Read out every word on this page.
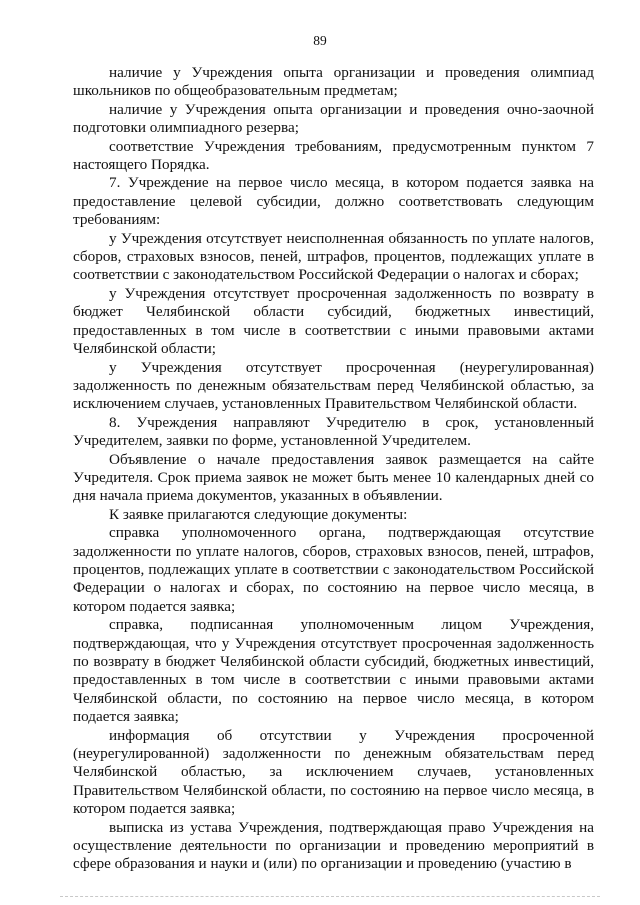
89

наличие у Учреждения опыта организации и проведения олимпиад школьников по общеобразовательным предметам;

наличие у Учреждения опыта организации и проведения очно-заочной подготовки олимпиадного резерва;

соответствие Учреждения требованиям, предусмотренным пунктом 7 настоящего Порядка.

7. Учреждение на первое число месяца, в котором подается заявка на предоставление целевой субсидии, должно соответствовать следующим требованиям:

у Учреждения отсутствует неисполненная обязанность по уплате налогов, сборов, страховых взносов, пеней, штрафов, процентов, подлежащих уплате в соответствии с законодательством Российской Федерации о налогах и сборах;

у Учреждения отсутствует просроченная задолженность по возврату в бюджет Челябинской области субсидий, бюджетных инвестиций, предоставленных в том числе в соответствии с иными правовыми актами Челябинской области;

у Учреждения отсутствует просроченная (неурегулированная) задолженность по денежным обязательствам перед Челябинской областью, за исключением случаев, установленных Правительством Челябинской области.

8. Учреждения направляют Учредителю в срок, установленный Учредителем, заявки по форме, установленной Учредителем.

Объявление о начале предоставления заявок размещается на сайте Учредителя. Срок приема заявок не может быть менее 10 календарных дней со дня начала приема документов, указанных в объявлении.

К заявке прилагаются следующие документы:

справка уполномоченного органа, подтверждающая отсутствие задолженности по уплате налогов, сборов, страховых взносов, пеней, штрафов, процентов, подлежащих уплате в соответствии с законодательством Российской Федерации о налогах и сборах, по состоянию на первое число месяца, в котором подается заявка;

справка, подписанная уполномоченным лицом Учреждения, подтверждающая, что у Учреждения отсутствует просроченная задолженность по возврату в бюджет Челябинской области субсидий, бюджетных инвестиций, предоставленных в том числе в соответствии с иными правовыми актами Челябинской области, по состоянию на первое число месяца, в котором подается заявка;

информация об отсутствии у Учреждения просроченной (неурегулированной) задолженности по денежным обязательствам перед Челябинской областью, за исключением случаев, установленных Правительством Челябинской области, по состоянию на первое число месяца, в котором подается заявка;

выписка из устава Учреждения, подтверждающая право Учреждения на осуществление деятельности по организации и проведению мероприятий в сфере образования и науки и (или) по организации и проведению (участию в
